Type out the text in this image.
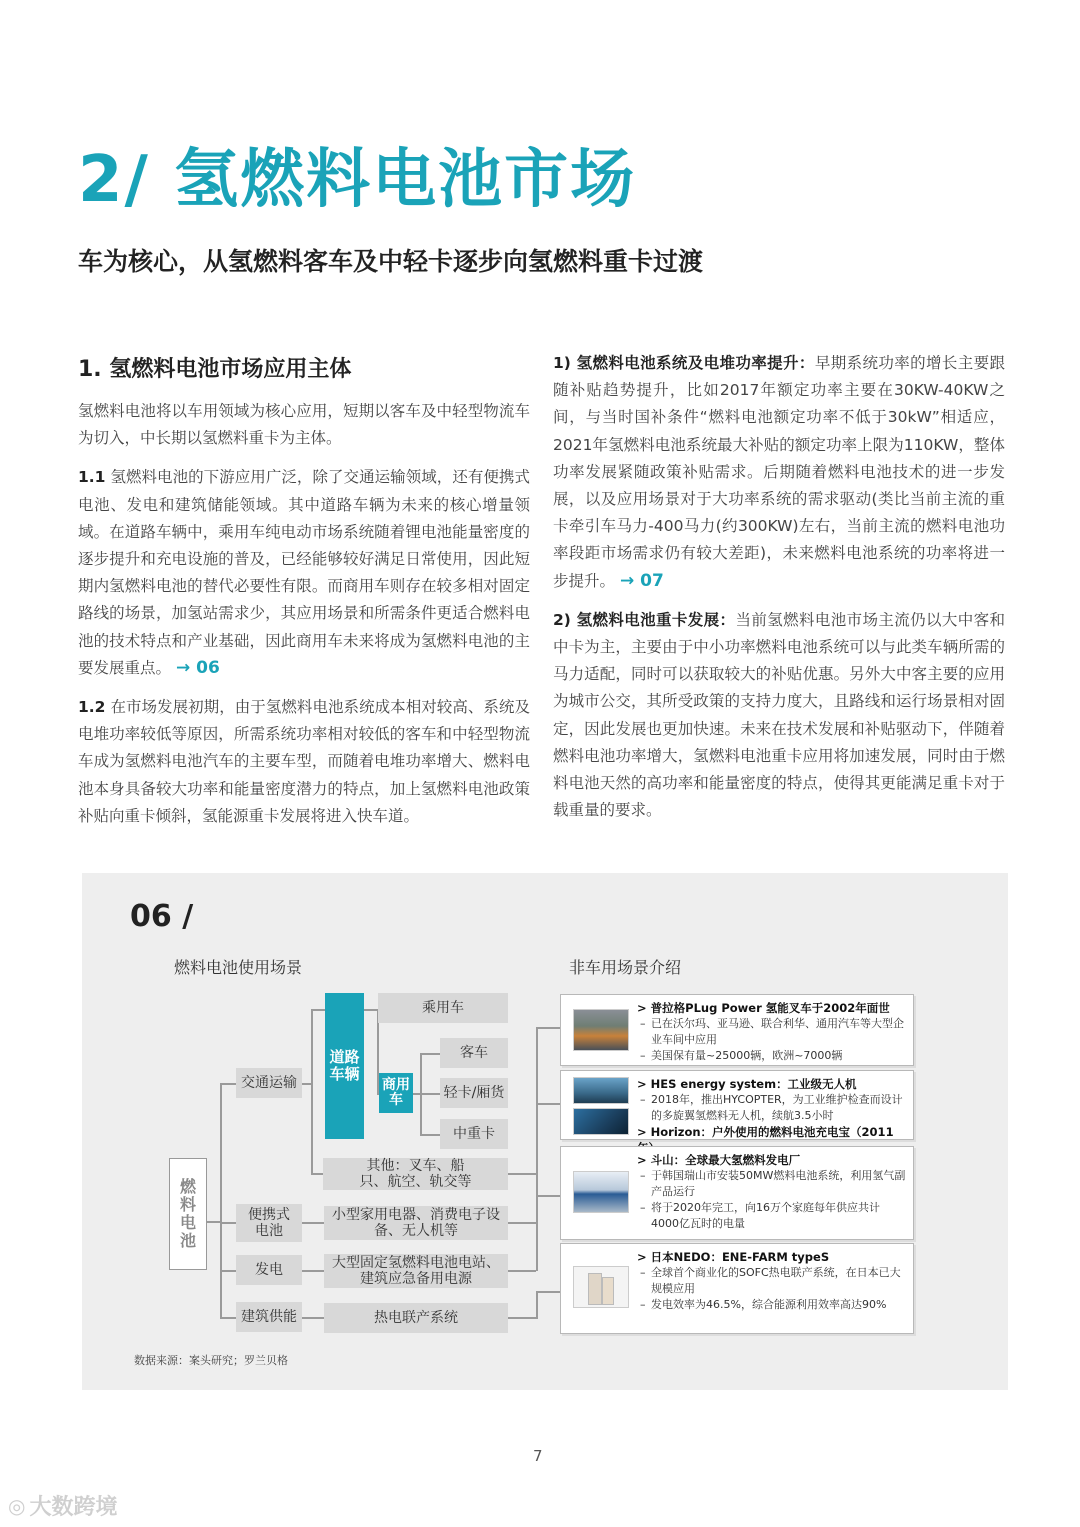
2/ 氢燃料电池市场
车为核心，从氢燃料客车及中轻卡逐步向氢燃料重卡过渡
1. 氢燃料电池市场应用主体

氢燃料电池将以车用领域为核心应用，短期以客车及中轻型物流车为切入，中长期以氢燃料重卡为主体。

1.1 氢燃料电池的下游应用广泛，除了交通运输领域，还有便携式电池、发电和建筑储能领域。其中道路车辆为未来的核心增量领域。在道路车辆中，乘用车纯电动市场系统随着锂电池能量密度的逐步提升和充电设施的普及，已经能够较好满足日常使用，因此短期内氢燃料电池的替代必要性有限。而商用车则存在较多相对固定路线的场景，加氢站需求少，其应用场景和所需条件更适合燃料电池的技术特点和产业基础，因此商用车未来将成为氢燃料电池的主要发展重点。 → 06

1.2 在市场发展初期，由于氢燃料电池系统成本相对较高、系统及电堆功率较低等原因，所需系统功率相对较低的客车和中轻型物流车成为氢燃料电池汽车的主要车型，而随着电堆功率增大、燃料电池本身具备较大功率和能量密度潜力的特点，加上氢燃料电池政策补贴向重卡倾斜，氢能源重卡发展将进入快车道。

1) 氢燃料电池系统及电堆功率提升：早期系统功率的增长主要跟随补贴趋势提升，比如2017年额定功率主要在30KW-40KW之间，与当时国补条件“燃料电池额定功率不低于30kW”相适应，2021年氢燃料电池系统最大补贴的额定功率上限为110KW，整体功率发展紧随政策补贴需求。后期随着燃料电池技术的进一步发展，以及应用场景对于大功率系统的需求驱动(类比当前主流的重卡牵引车马力-400马力(约300KW)左右，当前主流的燃料电池功率段距市场需求仍有较大差距)，未来燃料电池系统的功率将进一步提升。 → 07

2) 氢燃料电池重卡发展：当前氢燃料电池市场主流仍以大中客和中卡为主，主要由于中小功率燃料电池系统可以与此类车辆所需的马力适配，同时可以获取较大的补贴优惠。另外大中客主要的应用为城市公交，其所受政策的支持力度大，且路线和运行场景相对固定，因此发展也更加快速。未来在技术发展和补贴驱动下，伴随着燃料电池功率增大，氢燃料电池重卡应用将加速发展，同时由于燃料电池天然的高功率和能量密度的特点，使得其更能满足重卡对于载重量的要求。

06 /
燃料电池使用场景	非车用场景介绍
燃料电池
交通运输
便携式电池
发电
建筑供能
道路车辆
乘用车
商用车
客车
轻卡/厢货
中重卡
其他：叉车、船只、航空、轨交等
小型家用电器、消费电子设备、无人机等
大型固定氢燃料电池电站、建筑应急备用电源
热电联产系统
> 普拉格PLug Power 氢能叉车于2002年面世
– 已在沃尔玛、亚马逊、联合利华、通用汽车等大型企业车间中应用
– 美国保有量~25000辆，欧洲~7000辆
> HES energy system：工业级无人机
– 2018年，推出HYCOPTER，为工业维护检查而设计的多旋翼氢燃料无人机，续航3.5小时
> Horizon：户外使用的燃料电池充电宝（2011
> 斗山：全球最大氢燃料发电厂
– 于韩国瑞山市安装50MW燃料电池系统，利用氢气副产品运行
– 将于2020年完工，向16万个家庭每年供应共计4000亿瓦时的电量
> 日本NEDO：ENE-FARM typeS
– 全球首个商业化的SOFC热电联产系统，在日本已大规模应用
– 发电效率为46.5%，综合能源利用效率高达90%
数据来源：案头研究；罗兰贝格
7
◎ 大数跨境
